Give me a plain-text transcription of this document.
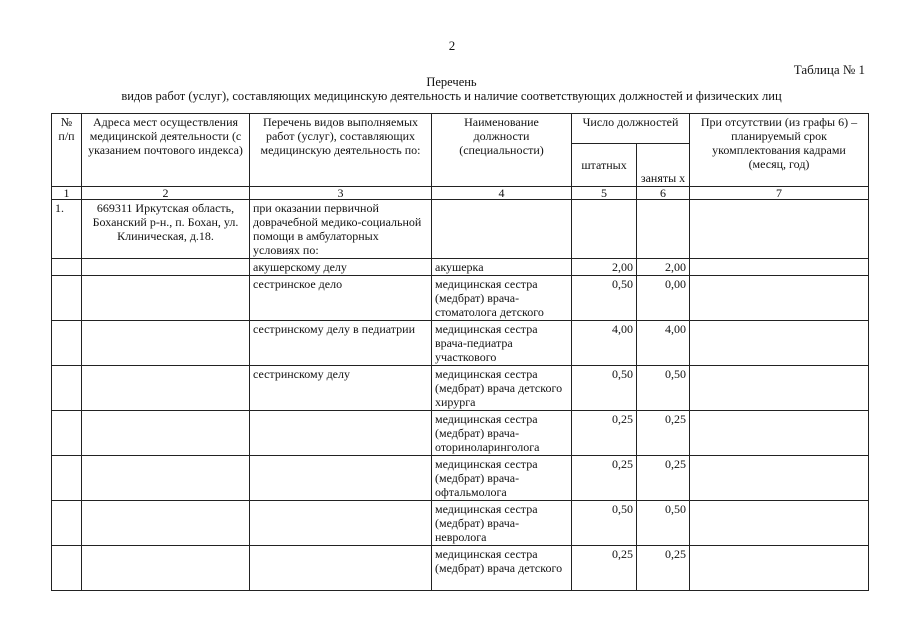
2
Таблица № 1
Перечень
видов работ (услуг), составляющих медицинскую деятельность и наличие соответствующих должностей и физических лиц
№ п/п	Адреса мест осуществления медицинской деятельности (с указанием почтового индекса)	Перечень видов выполняемых работ (услуг), составляющих медицинскую деятельность по:	Наименование должности (специальности)	Число должностей		При отсутствии (из графы 6) – планируемый срок укомплектования кадрами (месяц, год)
				штатных	заняты х	
1	2	3	4	5	6	7
1.	669311 Иркутская область, Боханский р-н., п. Бохан, ул. Клиническая, д.18.	при оказании первичной доврачебной медико-социальной помощи в амбулаторных условиях по:				
		акушерскому делу	акушерка	2,00	2,00	
		сестринское дело	медицинская сестра (медбрат) врача-стоматолога детского	0,50	0,00	
		сестринскому делу в педиатрии	медицинская сестра врача-педиатра участкового	4,00	4,00	
		сестринскому делу	медицинская сестра (медбрат) врача детского хирурга	0,50	0,50	
			медицинская сестра (медбрат) врача-оториноларинголога	0,25	0,25	
			медицинская сестра (медбрат) врача-офтальмолога	0,25	0,25	
			медицинская сестра (медбрат) врача-невролога	0,50	0,50	
			медицинская сестра (медбрат) врача детского	0,25	0,25	
